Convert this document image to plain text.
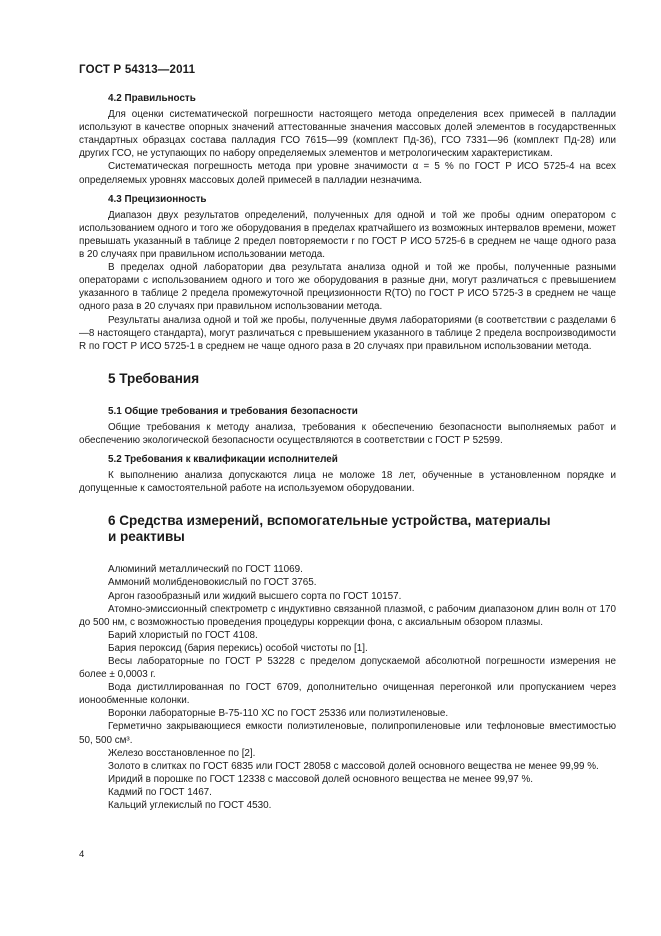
ГОСТ Р 54313—2011
4.2 Правильность

Для оценки систематической погрешности настоящего метода определения всех примесей в палладии используют в качестве опорных значений аттестованные значения массовых долей элементов в государственных стандартных образцах состава палладия ГСО 7615—99 (комплект Пд-36), ГСО 7331—96 (комплект Пд-28) или других ГСО, не уступающих по набору определяемых элементов и метрологическим характеристикам.

Систематическая погрешность метода при уровне значимости α = 5 % по ГОСТ Р ИСО 5725-4 на всех определяемых уровнях массовых долей примесей в палладии незначима.

4.3 Прецизионность

Диапазон двух результатов определений, полученных для одной и той же пробы одним оператором с использованием одного и того же оборудования в пределах кратчайшего из возможных интервалов времени, может превышать указанный в таблице 2 предел повторяемости r по ГОСТ Р ИСО 5725-6 в среднем не чаще одного раза в 20 случаях при правильном использовании метода.

В пределах одной лаборатории два результата анализа одной и той же пробы, полученные разными операторами с использованием одного и того же оборудования в разные дни, могут различаться с превышением указанного в таблице 2 предела промежуточной прецизионности R(ТО) по ГОСТ Р ИСО 5725-3 в среднем не чаще одного раза в 20 случаях при правильном использовании метода.

Результаты анализа одной и той же пробы, полученные двумя лабораториями (в соответствии с разделами 6—8 настоящего стандарта), могут различаться с превышением указанного в таблице 2 предела воспроизводимости R по ГОСТ Р ИСО 5725-1 в среднем не чаще одного раза в 20 случаях при правильном использовании метода.

5 Требования
5.1 Общие требования и требования безопасности

Общие требования к методу анализа, требования к обеспечению безопасности выполняемых работ и обеспечению экологической безопасности осуществляются в соответствии с ГОСТ Р 52599.

5.2 Требования к квалификации исполнителей

К выполнению анализа допускаются лица не моложе 18 лет, обученные в установленном порядке и допущенные к самостоятельной работе на используемом оборудовании.

6 Средства измерений, вспомогательные устройства, материалы
и реактивы

Алюминий металлический по ГОСТ 11069.

Аммоний молибденовокислый по ГОСТ 3765.

Аргон газообразный или жидкий высшего сорта по ГОСТ 10157.

Атомно-эмиссионный спектрометр с индуктивно связанной плазмой, с рабочим диапазоном длин волн от 170 до 500 нм, с возможностью проведения процедуры коррекции фона, с аксиальным обзором плазмы.

Барий хлористый по ГОСТ 4108.

Бария пероксид (бария перекись) особой чистоты по [1].

Весы лабораторные по ГОСТ Р 53228 с пределом допускаемой абсолютной погрешности измерения не более ± 0,0003 г.

Вода дистиллированная по ГОСТ 6709, дополнительно очищенная перегонкой или пропусканием через ионообменные колонки.

Воронки лабораторные В-75-110 ХС по ГОСТ 25336 или полиэтиленовые.

Герметично закрывающиеся емкости полиэтиленовые, полипропиленовые или тефлоновые вместимостью 50, 500 см³.

Железо восстановленное по [2].

Золото в слитках по ГОСТ 6835 или ГОСТ 28058 с массовой долей основного вещества не менее 99,99 %.

Иридий в порошке по ГОСТ 12338 с массовой долей основного вещества не менее 99,97 %.

Кадмий по ГОСТ 1467.

Кальций углекислый по ГОСТ 4530.

4
